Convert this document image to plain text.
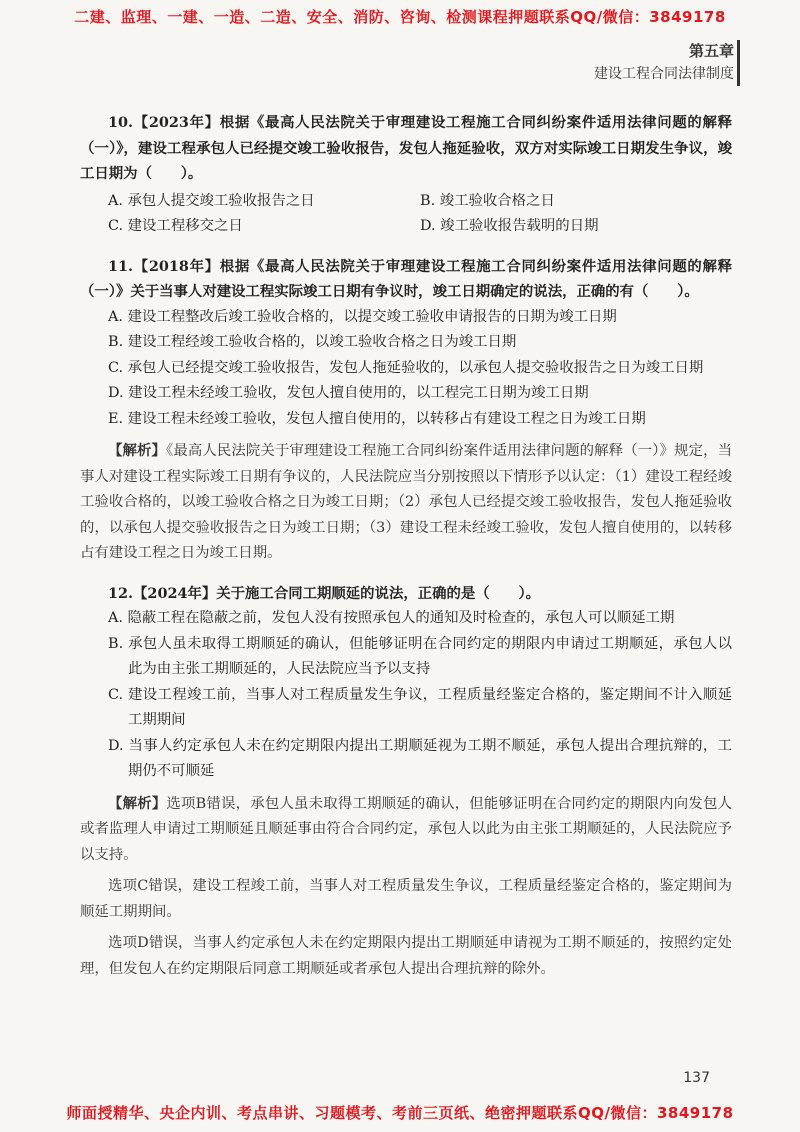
二建、监理、一建、一造、二造、安全、消防、咨询、检测课程押题联系QQ/微信：3849178
第五章
建设工程合同法律制度

10.【2023年】根据《最高人民法院关于审理建设工程施工合同纠纷案件适用法律问题的解释（一）》，建设工程承包人已经提交竣工验收报告，发包人拖延验收，双方对实际竣工日期发生争议，竣工日期为（　　）。

A. 承包人提交竣工验收报告之日	B. 竣工验收合格之日

C. 建设工程移交之日	D. 竣工验收报告载明的日期

11.【2018年】根据《最高人民法院关于审理建设工程施工合同纠纷案件适用法律问题的解释（一）》关于当事人对建设工程实际竣工日期有争议时，竣工日期确定的说法，正确的有（　　）。

A. 建设工程整改后竣工验收合格的，以提交竣工验收申请报告的日期为竣工日期

B. 建设工程经竣工验收合格的，以竣工验收合格之日为竣工日期

C. 承包人已经提交竣工验收报告，发包人拖延验收的，以承包人提交验收报告之日为竣工日期

D. 建设工程未经竣工验收，发包人擅自使用的，以工程完工日期为竣工日期

E. 建设工程未经竣工验收，发包人擅自使用的，以转移占有建设工程之日为竣工日期

【解析】《最高人民法院关于审理建设工程施工合同纠纷案件适用法律问题的解释（一）》规定，当事人对建设工程实际竣工日期有争议的，人民法院应当分别按照以下情形予以认定：（1）建设工程经竣工验收合格的，以竣工验收合格之日为竣工日期；（2）承包人已经提交竣工验收报告，发包人拖延验收的，以承包人提交验收报告之日为竣工日期；（3）建设工程未经竣工验收，发包人擅自使用的，以转移占有建设工程之日为竣工日期。

12.【2024年】关于施工合同工期顺延的说法，正确的是（　　）。

A. 隐蔽工程在隐蔽之前，发包人没有按照承包人的通知及时检查的，承包人可以顺延工期

B. 承包人虽未取得工期顺延的确认，但能够证明在合同约定的期限内申请过工期顺延，承包人以此为由主张工期顺延的，人民法院应当予以支持

C. 建设工程竣工前，当事人对工程质量发生争议，工程质量经鉴定合格的，鉴定期间不计入顺延工期期间

D. 当事人约定承包人未在约定期限内提出工期顺延视为工期不顺延，承包人提出合理抗辩的，工期仍不可顺延

【解析】选项B错误，承包人虽未取得工期顺延的确认，但能够证明在合同约定的期限内向发包人或者监理人申请过工期顺延且顺延事由符合合同约定，承包人以此为由主张工期顺延的，人民法院应予以支持。

选项C错误，建设工程竣工前，当事人对工程质量发生争议，工程质量经鉴定合格的，鉴定期间为顺延工期期间。

选项D错误，当事人约定承包人未在约定期限内提出工期顺延申请视为工期不顺延的，按照约定处理，但发包人在约定期限后同意工期顺延或者承包人提出合理抗辩的除外。

137
师面授精华、央企内训、考点串讲、习题模考、考前三页纸、绝密押题联系QQ/微信：3849178
